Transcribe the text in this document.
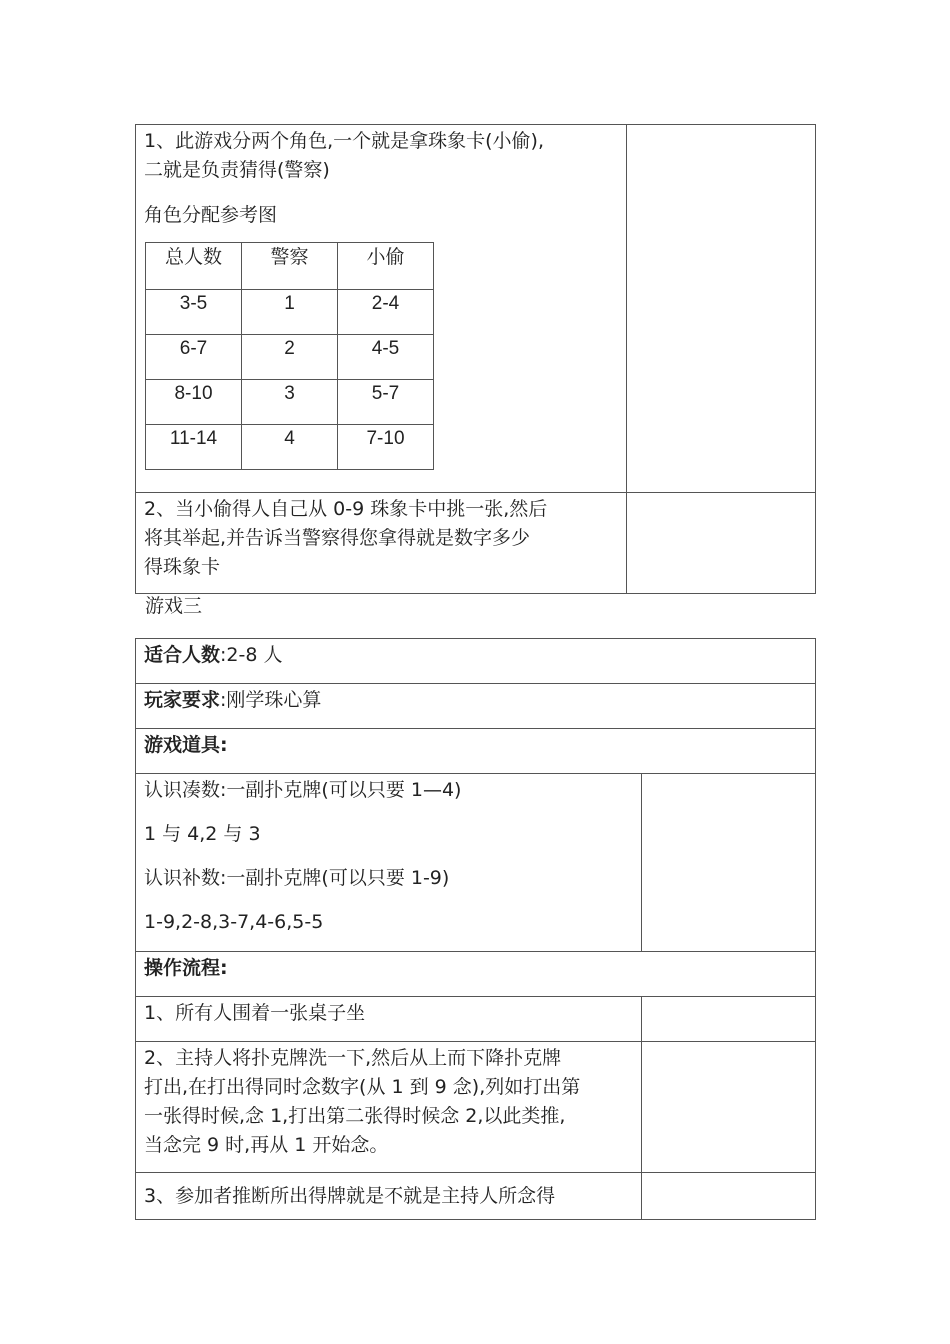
1、此游戏分两个角色,一个就是拿珠象卡(小偷),

二就是负责猜得(警察)

角色分配参考图

2、当小偷得人自己从 0-9 珠象卡中挑一张,然后

将其举起,并告诉当警察得您拿得就是数字多少

得珠象卡

总人数	警察	小偷
3-5	1	2-4
6-7	2	4-5
8-10	3	5-7
11-14	4	7-10
游戏三
适合人数:2-8 人
玩家要求:刚学珠心算
游戏道具:

认识凑数:一副扑克牌(可以只要 1—4)

1 与 4,2 与 3

认识补数:一副扑克牌(可以只要 1-9)

1-9,2-8,3-7,4-6,5-5

操作流程:
1、所有人围着一张桌子坐

2、主持人将扑克牌洗一下,然后从上而下降扑克牌

打出,在打出得同时念数字(从 1 到 9 念),列如打出第

一张得时候,念 1,打出第二张得时候念 2,以此类推,

当念完 9 时,再从 1 开始念。

3、参加者推断所出得牌就是不就是主持人所念得
